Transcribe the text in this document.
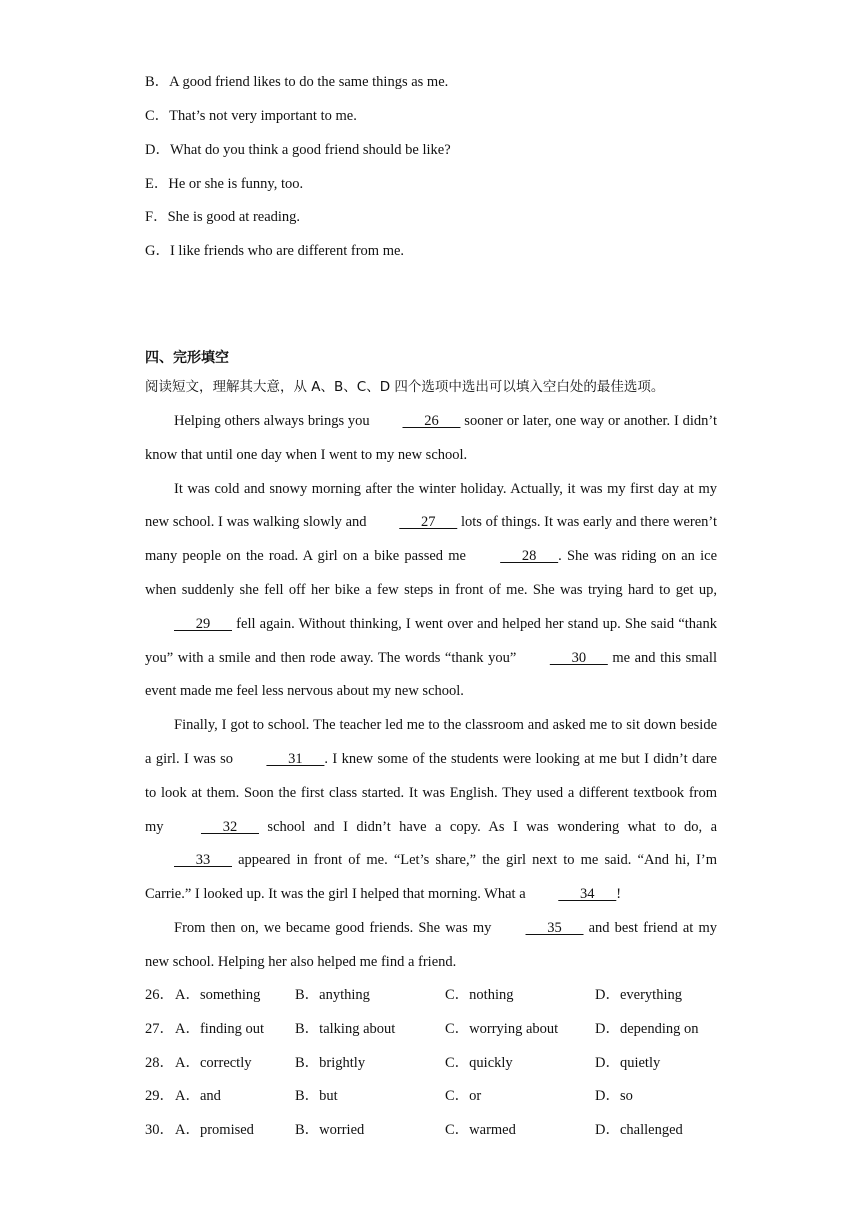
B．A good friend likes to do the same things as me.
C．That’s not very important to me.
D．What do you think a good friend should be like?
E．He or she is funny, too.
F．She is good at reading.
G．I like friends who are different from me.
四、完形填空
阅读短文，理解其大意，从 A、B、C、D 四个选项中选出可以填入空白处的最佳选项。

Helping others always brings you       26       sooner or later, one way or another. I didn’t know that until one day when I went to my new school.

It was cold and snowy morning after the winter holiday. Actually, it was my first day at my new school. I was walking slowly and       27       lots of things. It was early and there weren’t many people on the road. A girl on a bike passed me       28      . She was riding on an ice when suddenly she fell off her bike a few steps in front of me. She was trying hard to get up,       29       fell again. Without thinking, I went over and helped her stand up. She said “thank you” with a smile and then rode away. The words “thank you”       30       me and this small event made me feel less nervous about my new school.

Finally, I got to school. The teacher led me to the classroom and asked me to sit down beside a girl. I was so       31      . I knew some of the students were looking at me but I didn’t dare to look at them. Soon the first class started. It was English. They used a different textbook from my       32       school and I didn’t have a copy. As I was wondering what to do, a       33       appeared in front of me. “Let’s share,” the girl next to me said. “And hi, I’m Carrie.” I looked up. It was the girl I helped that morning. What a       34      !

From then on, we became good friends. She was my       35       and best friend at my new school. Helping her also helped me find a friend.

26． A．something B．anything	C．nothing	D．everything
27． A．finding out B．talking about	C．worrying about	D．depending on
28． A．correctly	B．brightly	C．quickly	D．quietly
29． A．and	B．but	C．or	D．so
30． A．promised	B．worried	C．warmed	D．challenged
